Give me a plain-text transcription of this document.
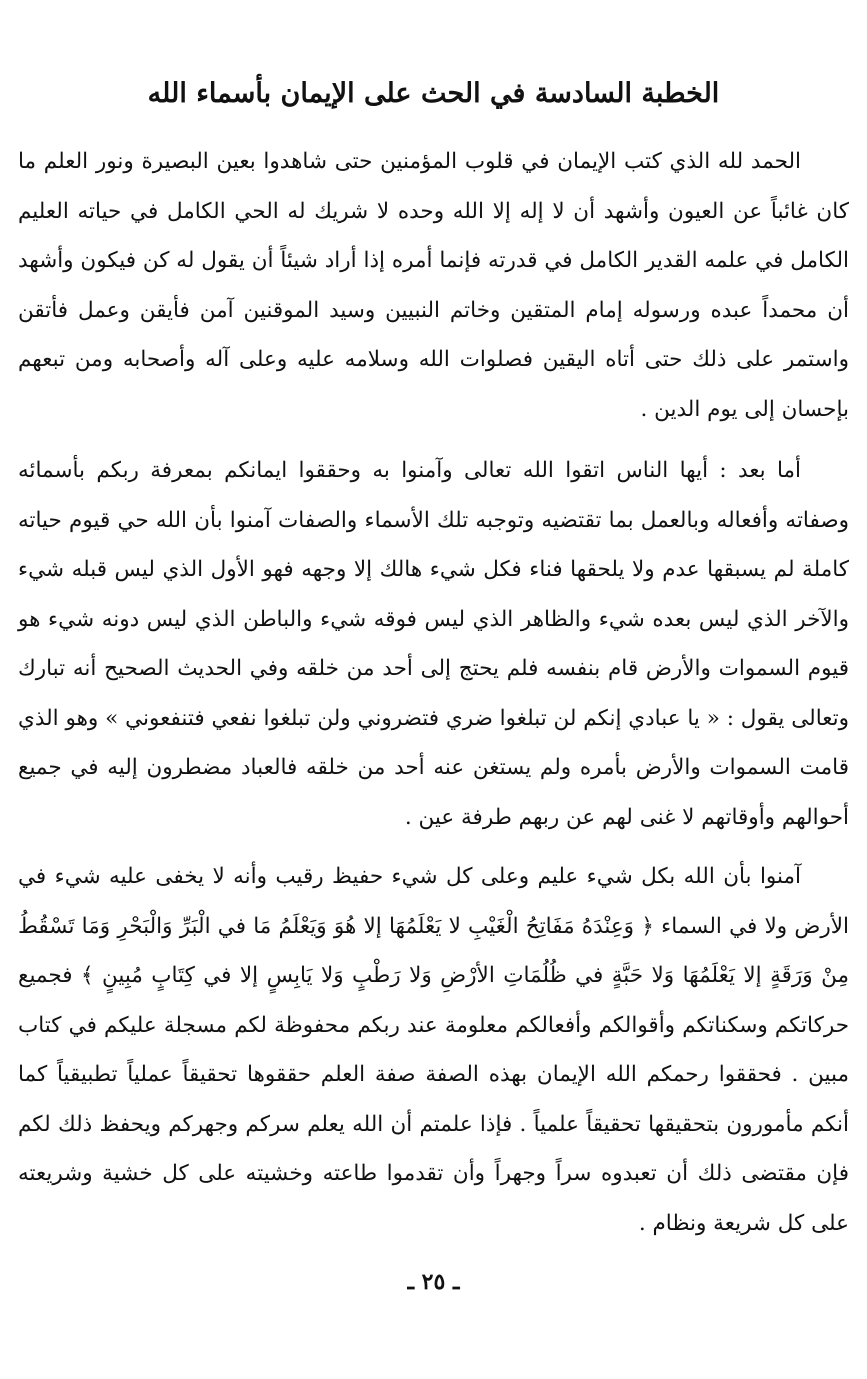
الخطبة السادسة في الحث على الإيمان بأسماء الله

الحمد لله الذي كتب الإيمان في قلوب المؤمنين حتى شاهدوا بعين البصيرة ونور العلم ما كان غائباً عن العيون وأشهد أن لا إله إلا الله وحده لا شريك له الحي الكامل في حياته العليم الكامل في علمه القدير الكامل في قدرته فإنما أمره إذا أراد شيئاً أن يقول له كن فيكون وأشهد أن محمداً عبده ورسوله إمام المتقين وخاتم النبيين وسيد الموقنين آمن فأيقن وعمل فأتقن واستمر على ذلك حتى أتاه اليقين فصلوات الله وسلامه عليه وعلى آله وأصحابه ومن تبعهم بإحسان إلى يوم الدين .

أما بعد : أيها الناس اتقوا الله تعالى وآمنوا به وحققوا ايمانكم بمعرفة ربكم بأسمائه وصفاته وأفعاله وبالعمل بما تقتضيه وتوجبه تلك الأسماء والصفات آمنوا بأن الله حي قيوم حياته كاملة لم يسبقها عدم ولا يلحقها فناء فكل شيء هالك إلا وجهه فهو الأول الذي ليس قبله شيء والآخر الذي ليس بعده شيء والظاهر الذي ليس فوقه شيء والباطن الذي ليس دونه شيء هو قيوم السموات والأرض قام بنفسه فلم يحتج إلى أحد من خلقه وفي الحديث الصحيح أنه تبارك وتعالى يقول : « يا عبادي إنكم لن تبلغوا ضري فتضروني ولن تبلغوا نفعي فتنفعوني » وهو الذي قامت السموات والأرض بأمره ولم يستغن عنه أحد من خلقه فالعباد مضطرون إليه في جميع أحوالهم وأوقاتهم لا غنى لهم عن ربهم طرفة عين .

آمنوا بأن الله بكل شيء عليم وعلى كل شيء حفيظ رقيب وأنه لا يخفى عليه شيء في الأرض ولا في السماء ﴿ وَعِنْدَهُ مَفَاتِحُ الْغَيْبِ لا يَعْلَمُهَا إلا هُوَ وَيَعْلَمُ مَا في الْبَرِّ وَالْبَحْرِ وَمَا تَسْقُطُ مِنْ وَرَقَةٍ إلا يَعْلَمُهَا وَلا حَبَّةٍ في ظُلُمَاتِ الأرْضِ وَلا رَطْبٍ وَلا يَابِسٍ إلا في كِتَابٍ مُبِينٍ ﴾ فجميع حركاتكم وسكناتكم وأقوالكم وأفعالكم معلومة عند ربكم محفوظة لكم مسجلة عليكم في كتاب مبين . فحققوا رحمكم الله الإيمان بهذه الصفة صفة العلم حققوها تحقيقاً عملياً تطبيقياً كما أنكم مأمورون بتحقيقها تحقيقاً علمياً . فإذا علمتم أن الله يعلم سركم وجهركم ويحفظ ذلك لكم فإن مقتضى ذلك أن تعبدوه سراً وجهراً وأن تقدموا طاعته وخشيته على كل خشية وشريعته على كل شريعة ونظام .

ـ ٢٥ ـ
